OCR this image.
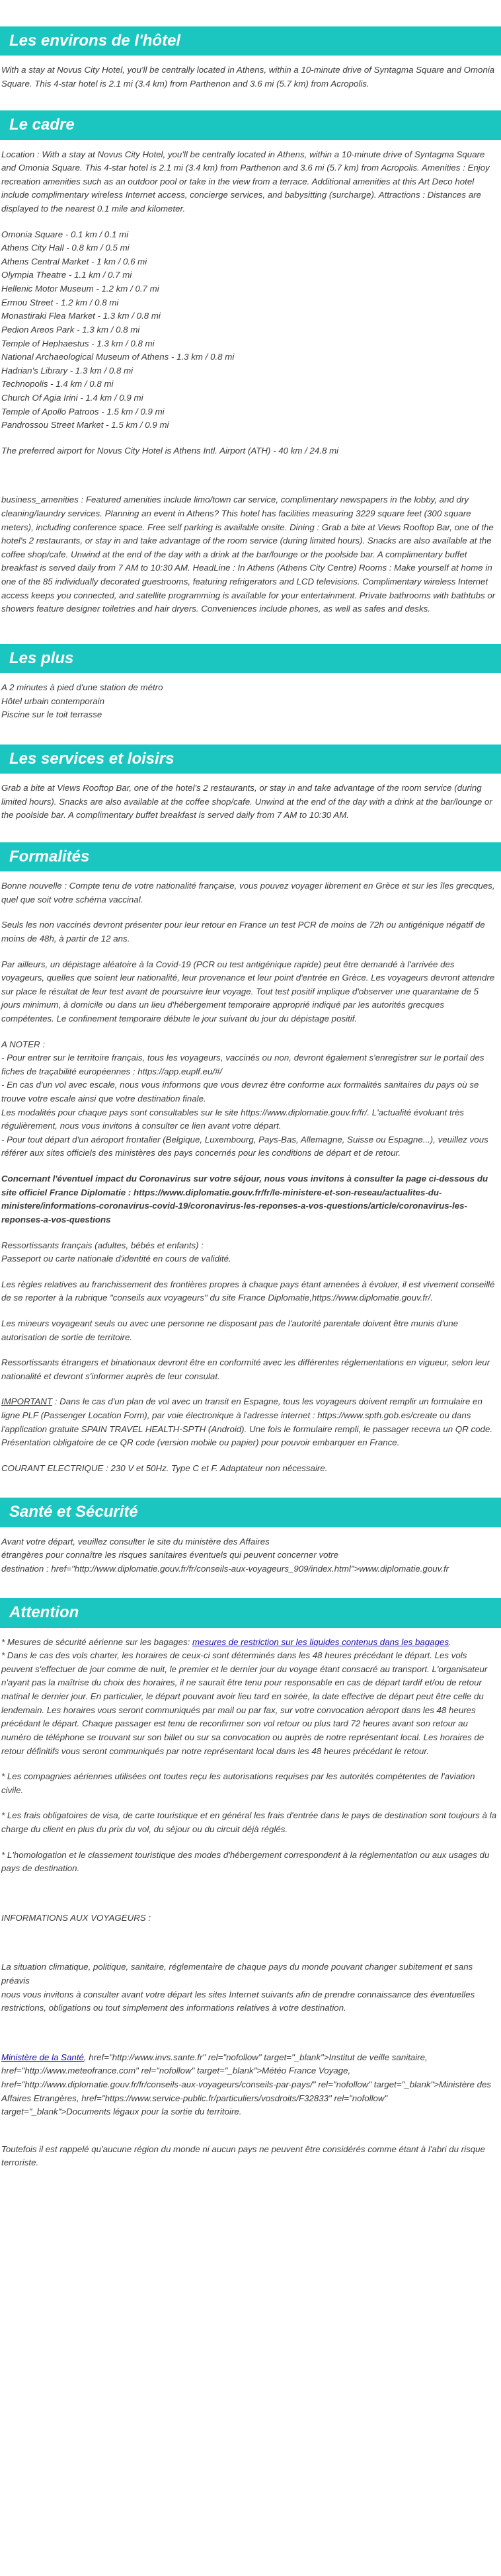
Les environs de l'hôtel

With a stay at Novus City Hotel, you'll be centrally located in Athens, within a 10-minute drive of Syntagma Square and Omonia Square. This 4-star hotel is 2.1 mi (3.4 km) from Parthenon and 3.6 mi (5.7 km) from Acropolis.

Le cadre

Location : With a stay at Novus City Hotel, you'll be centrally located in Athens, within a 10-minute drive of Syntagma Square and Omonia Square. This 4-star hotel is 2.1 mi (3.4 km) from Parthenon and 3.6 mi (5.7 km) from Acropolis. Amenities : Enjoy recreation amenities such as an outdoor pool or take in the view from a terrace. Additional amenities at this Art Deco hotel include complimentary wireless Internet access, concierge services, and babysitting (surcharge). Attractions : Distances are displayed to the nearest 0.1 mile and kilometer.

Omonia Square - 0.1 km / 0.1 mi

Athens City Hall - 0.8 km / 0.5 mi

Athens Central Market - 1 km / 0.6 mi

Olympia Theatre - 1.1 km / 0.7 mi

Hellenic Motor Museum - 1.2 km / 0.7 mi

Ermou Street - 1.2 km / 0.8 mi

Monastiraki Flea Market - 1.3 km / 0.8 mi

Pedion Areos Park - 1.3 km / 0.8 mi

Temple of Hephaestus - 1.3 km / 0.8 mi

National Archaeological Museum of Athens - 1.3 km / 0.8 mi

Hadrian's Library - 1.3 km / 0.8 mi

Technopolis - 1.4 km / 0.8 mi

Church Of Agia Irini - 1.4 km / 0.9 mi

Temple of Apollo Patroos - 1.5 km / 0.9 mi

Pandrossou Street Market - 1.5 km / 0.9 mi

The preferred airport for Novus City Hotel is Athens Intl. Airport (ATH) - 40 km / 24.8 mi

business_amenities : Featured amenities include limo/town car service, complimentary newspapers in the lobby, and dry cleaning/laundry services. Planning an event in Athens? This hotel has facilities measuring 3229 square feet (300 square meters), including conference space. Free self parking is available onsite. Dining : Grab a bite at Views Rooftop Bar, one of the hotel's 2 restaurants, or stay in and take advantage of the room service (during limited hours). Snacks are also available at the coffee shop/cafe. Unwind at the end of the day with a drink at the bar/lounge or the poolside bar. A complimentary buffet breakfast is served daily from 7 AM to 10:30 AM. HeadLine : In Athens (Athens City Centre) Rooms : Make yourself at home in one of the 85 individually decorated guestrooms, featuring refrigerators and LCD televisions. Complimentary wireless Internet access keeps you connected, and satellite programming is available for your entertainment. Private bathrooms with bathtubs or showers feature designer toiletries and hair dryers. Conveniences include phones, as well as safes and desks.

Les plus

A 2 minutes à pied d'une station de métro

Hôtel urbain contemporain

Piscine sur le toit terrasse

Les services et loisirs

Grab a bite at Views Rooftop Bar, one of the hotel's 2 restaurants, or stay in and take advantage of the room service (during limited hours). Snacks are also available at the coffee shop/cafe. Unwind at the end of the day with a drink at the bar/lounge or the poolside bar. A complimentary buffet breakfast is served daily from 7 AM to 10:30 AM.

Formalités

Bonne nouvelle : Compte tenu de votre nationalité française, vous pouvez voyager librement en Grèce et sur les îles grecques, quel que soit votre schéma vaccinal.

Seuls les non vaccinés devront présenter pour leur retour en France un test PCR de moins de 72h ou antigénique négatif de moins de 48h, à partir de 12 ans.

Par ailleurs, un dépistage aléatoire à la Covid-19 (PCR ou test antigénique rapide) peut être demandé à l'arrivée des voyageurs, quelles que soient leur nationalité, leur provenance et leur point d'entrée en Grèce. Les voyageurs devront attendre sur place le résultat de leur test avant de poursuivre leur voyage. Tout test positif implique d'observer une quarantaine de 5 jours minimum, à domicile ou dans un lieu d'hébergement temporaire approprié indiqué par les autorités grecques compétentes. Le confinement temporaire débute le jour suivant du jour du dépistage positif.

A NOTER :

- Pour entrer sur le territoire français, tous les voyageurs, vaccinés ou non, devront également s'enregistrer sur le portail des fiches de traçabilité européennes : https://app.euplf.eu/#/

- En cas d'un vol avec escale, nous vous informons que vous devrez être conforme aux formalités sanitaires du pays où se trouve votre escale ainsi que votre destination finale.

Les modalités pour chaque pays sont consultables sur le site https://www.diplomatie.gouv.fr/fr/. L'actualité évoluant très régulièrement, nous vous invitons à consulter ce lien avant votre départ.

- Pour tout départ d'un aéroport frontalier (Belgique, Luxembourg, Pays-Bas, Allemagne, Suisse ou Espagne...), veuillez vous référer aux sites officiels des ministères des pays concernés pour les conditions de départ et de retour.

Concernant l'éventuel impact du Coronavirus sur votre séjour, nous vous invitons à consulter la page ci-dessous du site officiel France Diplomatie : https://www.diplomatie.gouv.fr/fr/le-ministere-et-son-reseau/actualites-du-ministere/informations-coronavirus-covid-19/coronavirus-les-reponses-a-vos-questions/article/coronavirus-les-reponses-a-vos-questions

Ressortissants français (adultes, bébés et enfants) :

Passeport ou carte nationale d'identité en cours de validité.

Les règles relatives au franchissement des frontières propres à chaque pays étant amenées à évoluer, il est vivement conseillé de se reporter à la rubrique "conseils aux voyageurs" du site France Diplomatie,https://www.diplomatie.gouv.fr/.

Les mineurs voyageant seuls ou avec une personne ne disposant pas de l'autorité parentale doivent être munis d'une autorisation de sortie de territoire.

Ressortissants étrangers et binationaux devront être en conformité avec les différentes réglementations en vigueur, selon leur nationalité et devront s'informer auprès de leur consulat.

IMPORTANT : Dans le cas d'un plan de vol avec un transit en Espagne, tous les voyageurs doivent remplir un formulaire en ligne PLF (Passenger Location Form), par voie électronique à l'adresse internet : https://www.spth.gob.es/create ou dans l'application gratuite SPAIN TRAVEL HEALTH-SPTH (Android). Une fois le formulaire rempli, le passager recevra un QR code. Présentation obligatoire de ce QR code (version mobile ou papier) pour pouvoir embarquer en France.

COURANT ELECTRIQUE : 230 V et 50Hz. Type C et F. Adaptateur non nécessaire.

Santé et Sécurité

Avant votre départ, veuillez consulter le site du ministère des Affaires

étrangères pour connaître les risques sanitaires éventuels qui peuvent concerner votre

destination : href="http://www.diplomatie.gouv.fr/fr/conseils-aux-voyageurs_909/index.html">www.diplomatie.gouv.fr

Attention

* Mesures de sécurité aérienne sur les bagages: mesures de restriction sur les liquides contenus dans les bagages.

* Dans le cas des vols charter, les horaires de ceux-ci sont déterminés dans les 48 heures précédant le départ. Les vols peuvent s'effectuer de jour comme de nuit, le premier et le dernier jour du voyage étant consacré au transport. L'organisateur n'ayant pas la maîtrise du choix des horaires, il ne saurait être tenu pour responsable en cas de départ tardif et/ou de retour matinal le dernier jour. En particulier, le départ pouvant avoir lieu tard en soirée, la date effective de départ peut être celle du lendemain. Les horaires vous seront communiqués par mail ou par fax, sur votre convocation aéroport dans les 48 heures précédant le départ. Chaque passager est tenu de reconfirmer son vol retour ou plus tard 72 heures avant son retour au numéro de téléphone se trouvant sur son billet ou sur sa convocation ou auprès de notre représentant local. Les horaires de retour définitifs vous seront communiqués par notre représentant local dans les 48 heures précédant le retour.

* Les compagnies aériennes utilisées ont toutes reçu les autorisations requises par les autorités compétentes de l'aviation civile.

* Les frais obligatoires de visa, de carte touristique et en général les frais d'entrée dans le pays de destination sont toujours à la charge du client en plus du prix du vol, du séjour ou du circuit déjà réglés.

* L'homologation et le classement touristique des modes d'hébergement correspondent à la réglementation ou aux usages du pays de destination.

INFORMATIONS AUX VOYAGEURS :

La situation climatique, politique, sanitaire, réglementaire de chaque pays du monde pouvant changer subitement et sans préavis

nous vous invitons à consulter avant votre départ les sites Internet suivants afin de prendre connaissance des éventuelles restrictions, obligations ou tout simplement des informations relatives à votre destination.

Ministère de la Santé, href="http://www.invs.sante.fr" rel="nofollow" target="_blank">Institut de veille sanitaire, href="http://www.meteofrance.com" rel="nofollow" target="_blank">Météo France Voyage, href="http://www.diplomatie.gouv.fr/fr/conseils-aux-voyageurs/conseils-par-pays/" rel="nofollow" target="_blank">Ministère des Affaires Etrangères, href="https://www.service-public.fr/particuliers/vosdroits/F32833" rel="nofollow" target="_blank">Documents légaux pour la sortie du territoire.

Toutefois il est rappelé qu'aucune région du monde ni aucun pays ne peuvent être considérés comme étant à l'abri du risque terroriste.
